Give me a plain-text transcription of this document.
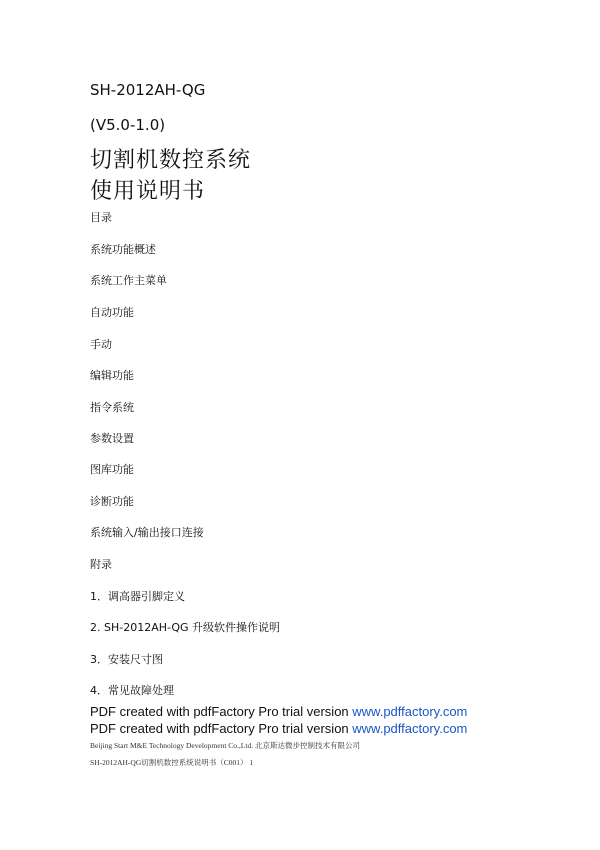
SH-2012AH-QG
(V5.0-1.0)
切割机数控系统
使用说明书
目录
系统功能概述
系统工作主菜单
自动功能
手动
编辑功能
指令系统
参数设置
图库功能
诊断功能
系统输入/输出接口连接
附录
1．调高器引脚定义
2. SH-2012AH-QG 升级软件操作说明
3．安装尺寸图
4．常见故障处理
PDF created with pdfFactory Pro trial version www.pdffactory.com
PDF created with pdfFactory Pro trial version www.pdffactory.com
Beijing Start M&E Technology Development Co.,Ltd. 北京斯达微步控制技术有限公司
SH-2012AH-QG切割机数控系统说明书（C001） 1
